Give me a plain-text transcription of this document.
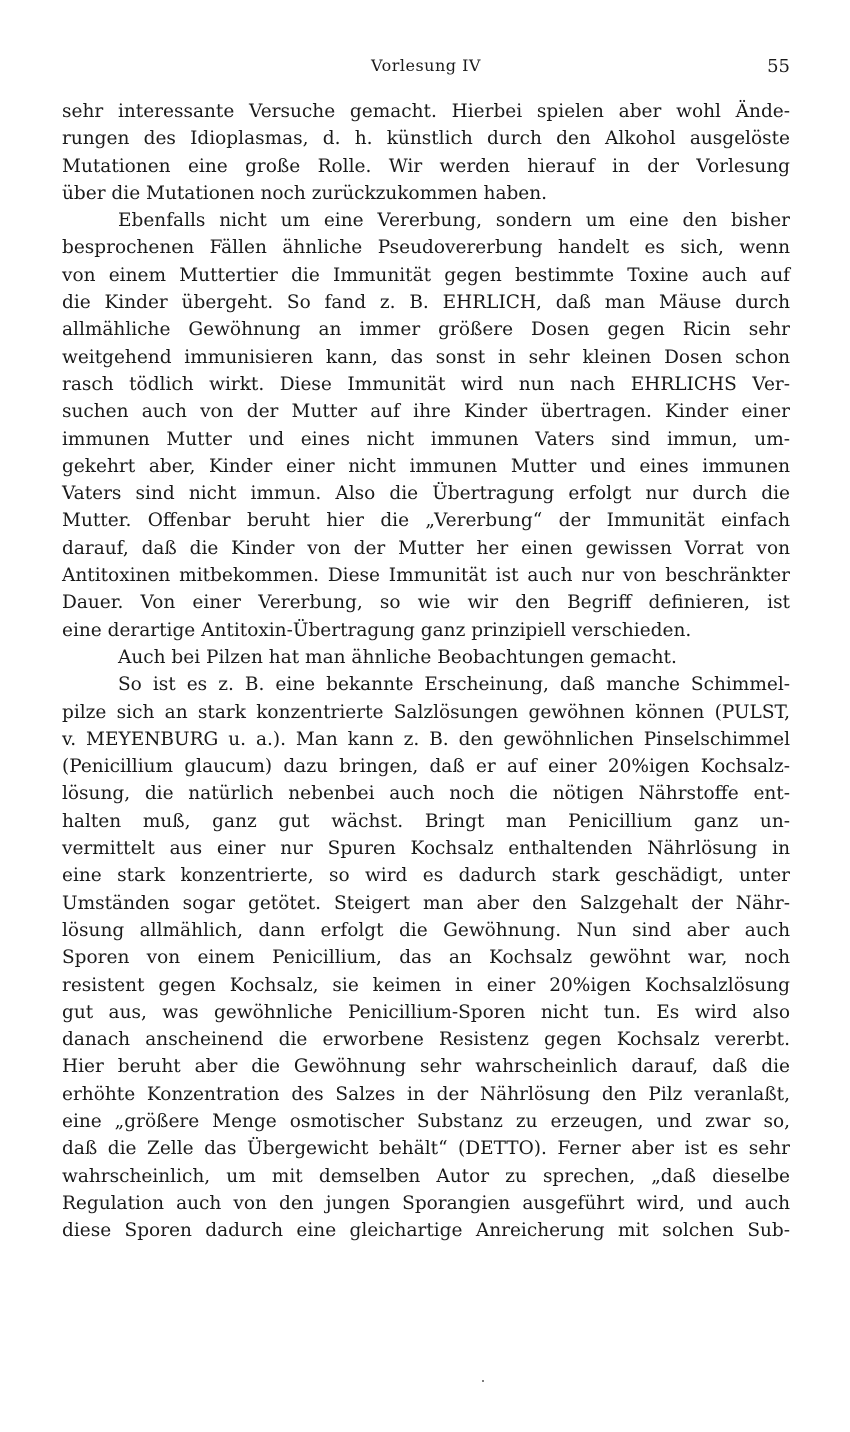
Vorlesung IV	55
sehr interessante Versuche gemacht. Hierbei spielen aber wohl Ände-
rungen des Idioplasmas, d. h. künstlich durch den Alkohol ausgelöste
Mutationen eine große Rolle. Wir werden hierauf in der Vorlesung
über die Mutationen noch zurückzukommen haben.
Ebenfalls nicht um eine Vererbung, sondern um eine den bisher
besprochenen Fällen ähnliche Pseudovererbung handelt es sich, wenn
von einem Muttertier die Immunität gegen bestimmte Toxine auch auf
die Kinder übergeht. So fand z. B. EHRLICH, daß man Mäuse durch
allmähliche Gewöhnung an immer größere Dosen gegen Ricin sehr
weitgehend immunisieren kann, das sonst in sehr kleinen Dosen schon
rasch tödlich wirkt. Diese Immunität wird nun nach EHRLICHS Ver-
suchen auch von der Mutter auf ihre Kinder übertragen. Kinder einer
immunen Mutter und eines nicht immunen Vaters sind immun, um-
gekehrt aber, Kinder einer nicht immunen Mutter und eines immunen
Vaters sind nicht immun. Also die Übertragung erfolgt nur durch die
Mutter. Offenbar beruht hier die „Vererbung“ der Immunität einfach
darauf, daß die Kinder von der Mutter her einen gewissen Vorrat von
Antitoxinen mitbekommen. Diese Immunität ist auch nur von beschränkter
Dauer. Von einer Vererbung, so wie wir den Begriff definieren, ist
eine derartige Antitoxin-Übertragung ganz prinzipiell verschieden.
Auch bei Pilzen hat man ähnliche Beobachtungen gemacht.
So ist es z. B. eine bekannte Erscheinung, daß manche Schimmel-
pilze sich an stark konzentrierte Salzlösungen gewöhnen können (PULST,
v. MEYENBURG u. a.). Man kann z. B. den gewöhnlichen Pinselschimmel
(Penicillium glaucum) dazu bringen, daß er auf einer 20%igen Kochsalz-
lösung, die natürlich nebenbei auch noch die nötigen Nährstoffe ent-
halten muß, ganz gut wächst. Bringt man Penicillium ganz un-
vermittelt aus einer nur Spuren Kochsalz enthaltenden Nährlösung in
eine stark konzentrierte, so wird es dadurch stark geschädigt, unter
Umständen sogar getötet. Steigert man aber den Salzgehalt der Nähr-
lösung allmählich, dann erfolgt die Gewöhnung. Nun sind aber auch
Sporen von einem Penicillium, das an Kochsalz gewöhnt war, noch
resistent gegen Kochsalz, sie keimen in einer 20%igen Kochsalzlösung
gut aus, was gewöhnliche Penicillium-Sporen nicht tun. Es wird also
danach anscheinend die erworbene Resistenz gegen Kochsalz vererbt.
Hier beruht aber die Gewöhnung sehr wahrscheinlich darauf, daß die
erhöhte Konzentration des Salzes in der Nährlösung den Pilz veranlaßt,
eine „größere Menge osmotischer Substanz zu erzeugen, und zwar so,
daß die Zelle das Übergewicht behält“ (DETTO). Ferner aber ist es sehr
wahrscheinlich, um mit demselben Autor zu sprechen, „daß dieselbe
Regulation auch von den jungen Sporangien ausgeführt wird, und auch
diese Sporen dadurch eine gleichartige Anreicherung mit solchen Sub-
